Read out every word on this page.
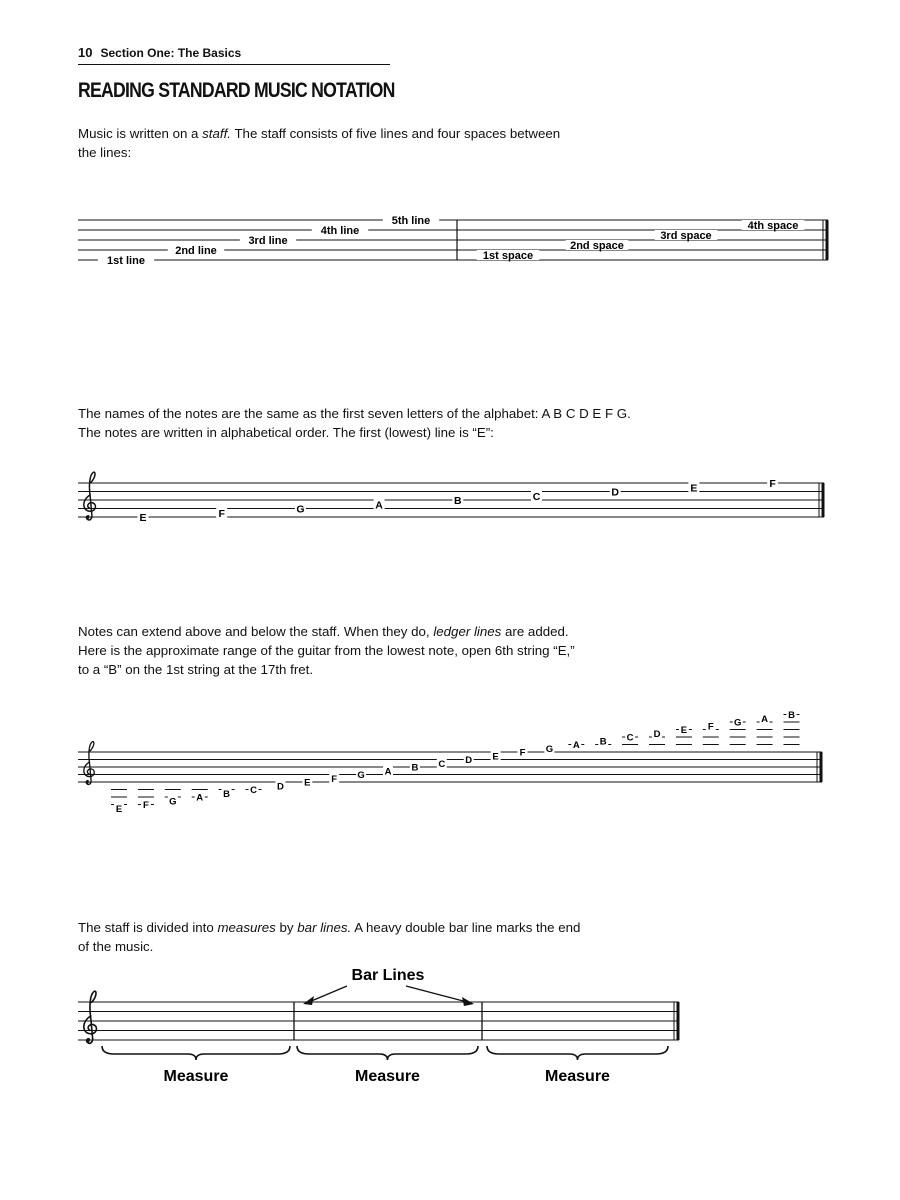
10 Section One: The Basics
READING STANDARD MUSIC NOTATION

Music is written on a staff. The staff consists of five lines and four spaces between

the lines:

The names of the notes are the same as the first seven letters of the alphabet: A B C D E F G.

The notes are written in alphabetical order. The first (lowest) line is “E”:

Notes can extend above and below the staff. When they do, ledger lines are added.

Here is the approximate range of the guitar from the lowest note, open 6th string “E,”

to a “B” on the 1st string at the 17th fret.

The staff is divided into measures by bar lines. A heavy double bar line marks the end

of the music.

1st line
2nd line
3rd line
4th line
5th line
1st space
2nd space
3rd space
4th space
E	F	G	A	B	C	D	E	F
E F G A B C D E F G A B C D E F G A B C D E F G A B
Bar Lines
Measure	Measure	Measure
